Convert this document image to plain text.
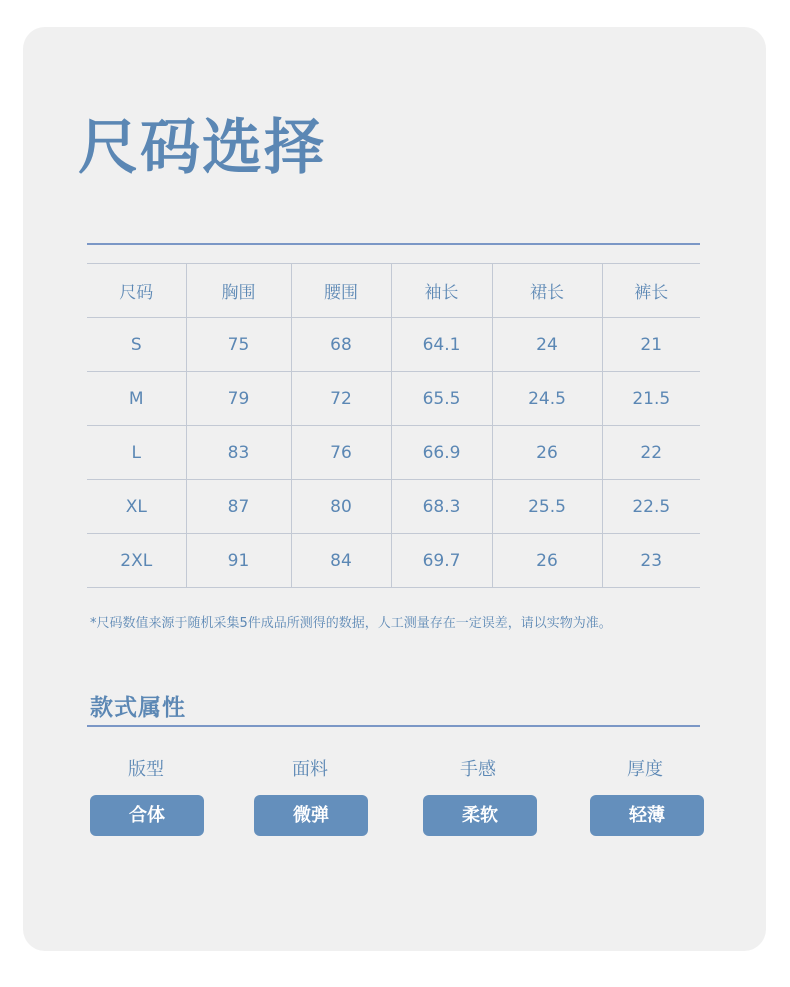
尺码选择
尺码	胸围	腰围	袖长	裙长	裤长
S	75	68	64.1	24	21
M	79	72	65.5	24.5	21.5
L	83	76	66.9	26	22
XL	87	80	68.3	25.5	22.5
2XL	91	84	69.7	26	23
*尺码数值来源于随机采集5件成品所测得的数据，人工测量存在一定误差，请以实物为准。
款式属性
版型	面料	手感	厚度
合体	微弹	柔软	轻薄
